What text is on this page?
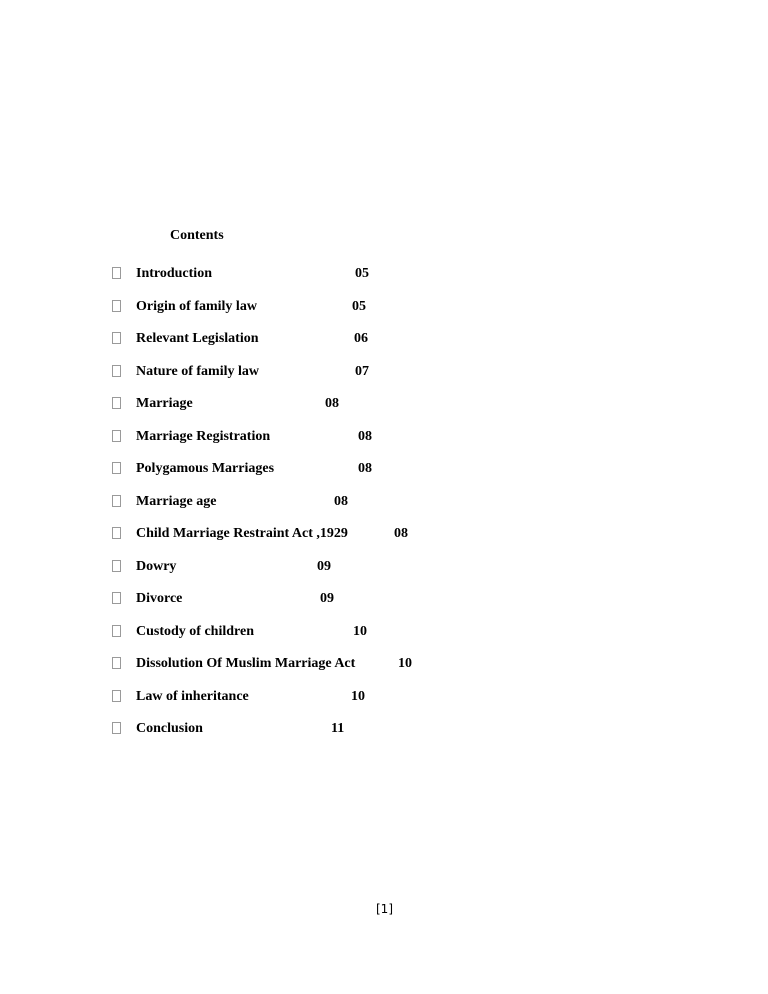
Contents
Introduction	05
Origin of family law	05
Relevant Legislation	06
Nature of family law	07
Marriage	08
Marriage Registration	08
Polygamous Marriages	08
Marriage age	08
Child Marriage Restraint Act ,1929	08
Dowry	09
Divorce	09
Custody of children	10
Dissolution Of Muslim Marriage Act	10
Law of inheritance	10
Conclusion	11
[1]
